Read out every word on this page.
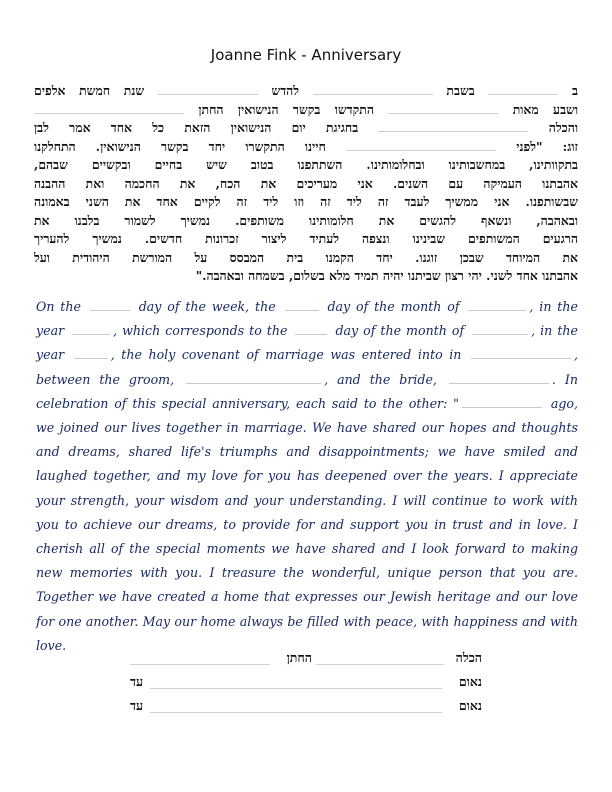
Joanne Fink - Anniversary
ב  בשבת  להדש  שנת חמשת אלפים
ושבע מאות  התקדשו בקשר הנישואין החתן
והכלה  בחגיגת יום הנישואין הזאת כל אחד אמר לבן
זוג: "לפני  חיינו התקשרו יחד בקשר הנישואין. התחלקנו
בתקוותינו, במחשבותינו ובחלומותינו. השתתפנו בטוב שיש בחיים ובקשיים שבהם,
אהבתנו העמיקה עם השנים. אני מעריכים את הכח, את החכמה ואת ההבנה
שבשותפנו. אני ממשיך לעבד זה ליד זה וזו ליד זה לקיים אחד את השני באמונה
ובאהבה, ונשאף להגשים את חלומותינו משותפים. נמשיך לשמור בלבנו את
הרגעים המשותפים שבינינו ונצפה לעתיד ליצור זכרונות חדשים. נמשיך להעריך
את המיוחד שבכן זוגנו. יחד הקמנו בית המבסס על המורשת היהודית ועל
אהבתנו אחד לשני. יהי רצון שביתנו יהיה תמיד מלא בשלום, בשמחה ובאהבה."
On the	day of the week, the	day of the month of	, in the year	, which corresponds to the	day of the month of	, in the year	, the holy covenant of marriage was entered into in	, between the groom,	, and the bride,	. In celebration of this special anniversary, each said to the other: "	ago, we joined our lives together in marriage. We have shared our hopes and thoughts and dreams, shared life's triumphs and disappointments; we have smiled and laughed together, and my love for you has deepened over the years. I appreciate your strength, your wisdom and your understanding. I will continue to work with you to achieve our dreams, to provide for and support you in trust and in love. I cherish all of the special moments we have shared and I look forward to making new memories with you. I treasure the wonderful, unique person that you are. Together we have created a home that expresses our Jewish heritage and our love for one another. May our home always be filled with peace, with happiness and with love.
הכלה
החתן
נאום
עד
נאום
עד
